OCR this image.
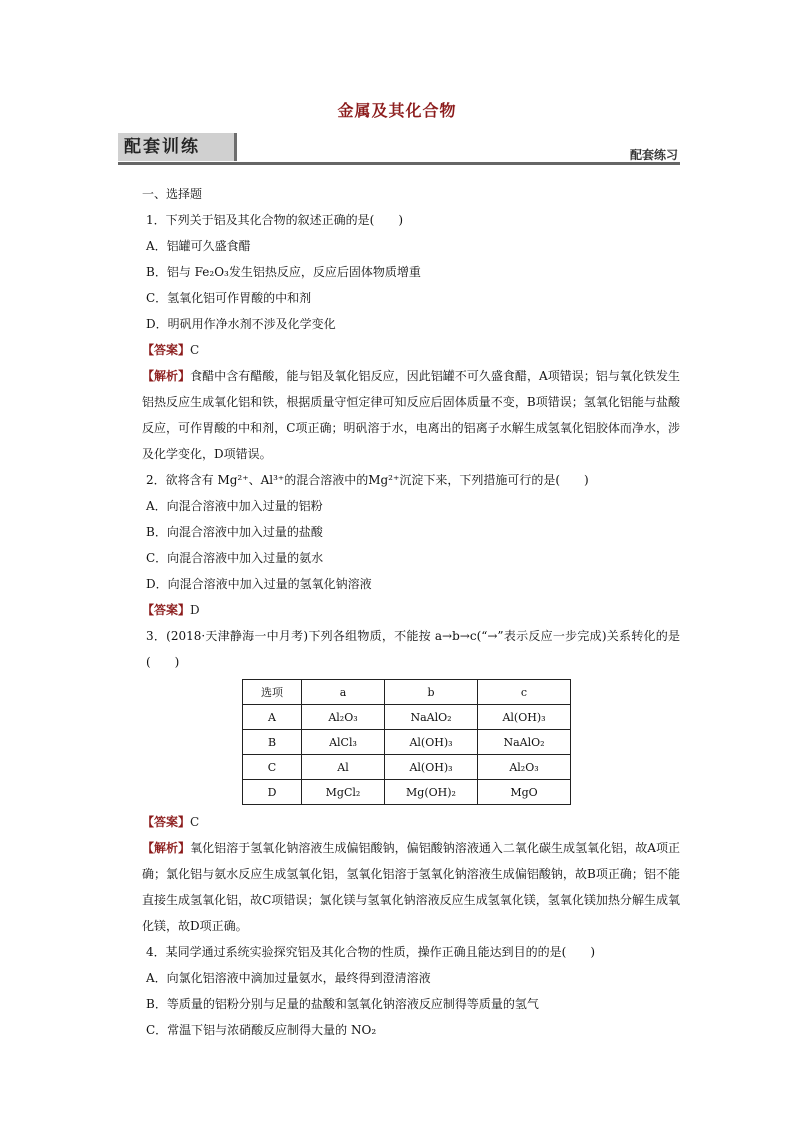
金属及其化合物
配套训练	配套练习
一、选择题
1．下列关于铝及其化合物的叙述正确的是(　　)
A．铝罐可久盛食醋
B．铝与 Fe₂O₃发生铝热反应，反应后固体物质增重
C．氢氧化铝可作胃酸的中和剂
D．明矾用作净水剂不涉及化学变化
【答案】C
【解析】食醋中含有醋酸，能与铝及氧化铝反应，因此铝罐不可久盛食醋，A项错误；铝与氧化铁发生铝热反应生成氧化铝和铁，根据质量守恒定律可知反应后固体质量不变，B项错误；氢氧化铝能与盐酸反应，可作胃酸的中和剂，C项正确；明矾溶于水，电离出的铝离子水解生成氢氧化铝胶体而净水，涉及化学变化，D项错误。
2．欲将含有 Mg²⁺、Al³⁺的混合溶液中的Mg²⁺沉淀下来，下列措施可行的是(　　)
A．向混合溶液中加入过量的铝粉
B．向混合溶液中加入过量的盐酸
C．向混合溶液中加入过量的氨水
D．向混合溶液中加入过量的氢氧化钠溶液
【答案】D
3．(2018·天津静海一中月考)下列各组物质，不能按 a→b→c(“→”表示反应一步完成)关系转化的是(　　)
选项	a	b	c
A	Al₂O₃	NaAlO₂	Al(OH)₃
B	AlCl₃	Al(OH)₃	NaAlO₂
C	Al	Al(OH)₃	Al₂O₃
D	MgCl₂	Mg(OH)₂	MgO
【答案】C
【解析】氧化铝溶于氢氧化钠溶液生成偏铝酸钠，偏铝酸钠溶液通入二氧化碳生成氢氧化铝，故A项正确；氯化铝与氨水反应生成氢氧化铝，氢氧化铝溶于氢氧化钠溶液生成偏铝酸钠，故B项正确；铝不能直接生成氢氧化铝，故C项错误；氯化镁与氢氧化钠溶液反应生成氢氧化镁，氢氧化镁加热分解生成氧化镁，故D项正确。
4．某同学通过系统实验探究铝及其化合物的性质，操作正确且能达到目的的是(　　)
A．向氯化铝溶液中滴加过量氨水，最终得到澄清溶液
B．等质量的铝粉分别与足量的盐酸和氢氧化钠溶液反应制得等质量的氢气
C．常温下铝与浓硝酸反应制得大量的 NO₂
